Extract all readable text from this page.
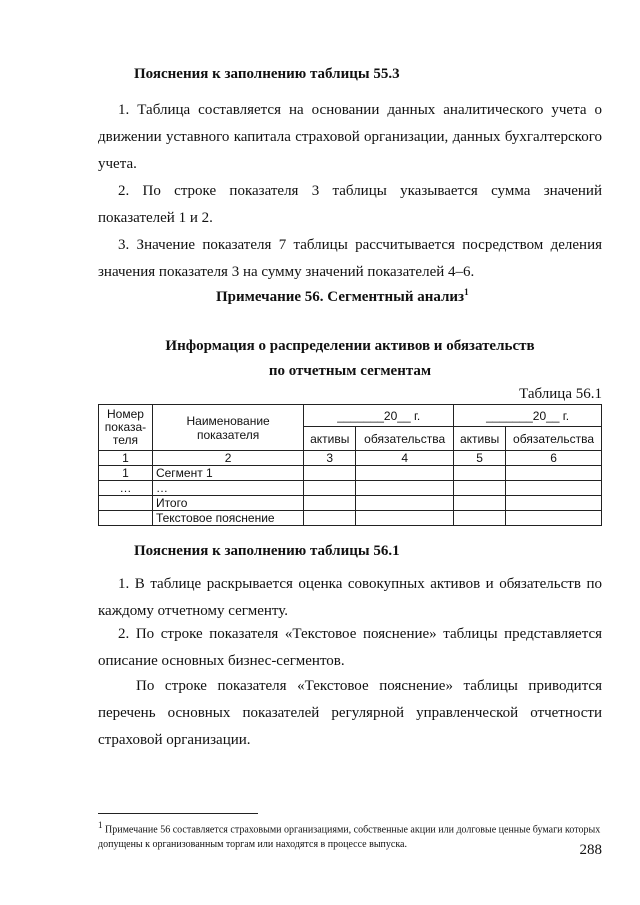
Пояснения к заполнению таблицы 55.3
1. Таблица составляется на основании данных аналитического учета о движении уставного капитала страховой организации, данных бухгалтерского учета.
2. По строке показателя 3 таблицы указывается сумма значений показателей 1 и 2.
3. Значение показателя 7 таблицы рассчитывается посредством деления значения показателя 3 на сумму значений показателей 4–6.
Примечание 56. Сегментный анализ$^1$
Информация о распределении активов и обязательств
по отчетным сегментам
Таблица 56.1
Номер показа-теля	Наименование показателя	_______20__ г.		_______20__ г.	
		активы	обязательства	активы	обязательства
1	2	3	4	5	6
1	Сегмент 1				
…	…				
	Итого				
	Текстовое пояснение				
Пояснения к заполнению таблицы 56.1
1. В таблице раскрывается оценка совокупных активов и обязательств по каждому отчетному сегменту.
2. По строке показателя «Текстовое пояснение» таблицы представляется описание основных бизнес-сегментов.
По строке показателя «Текстовое пояснение» таблицы приводится перечень основных показателей регулярной управленческой отчетности страховой организации.
$^1$ Примечание 56 составляется страховыми организациями, собственные акции или долговые ценные бумаги которых допущены к организованным торгам или находятся в процессе выпуска.	288
